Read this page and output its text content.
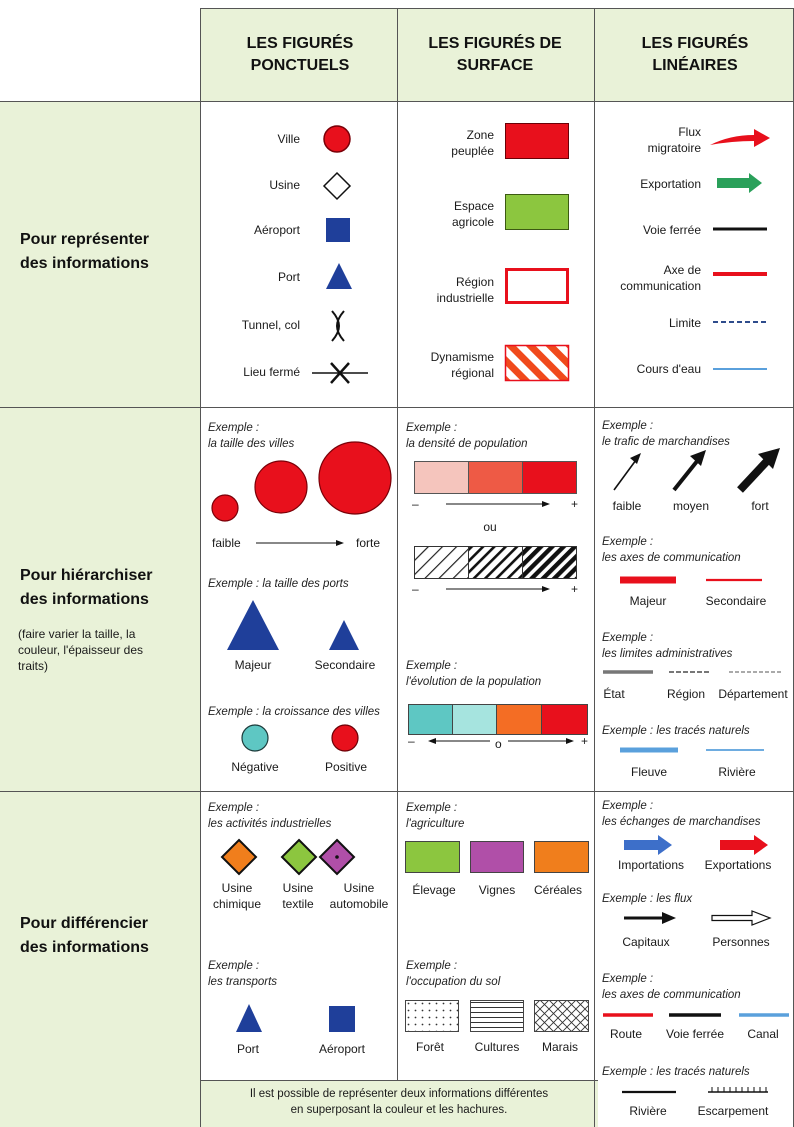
LES FIGURÉS PONCTUELS
LES FIGURÉS DE SURFACE
LES FIGURÉS LINÉAIRES
Pour représenter des informations
Pour hiérarchiser des informations
(faire varier la taille, la couleur, l'épaisseur des traits)
Pour différencier des informations
Ville
Usine
Aéroport
Port
Tunnel, col
Lieu fermé
Zone
peuplée
Espace
agricole
Région
industrielle
Dynamisme
régional
Flux
migratoire
Exportation
Voie ferrée
Axe de
communication
Limite
Cours d'eau
Exemple :
la taille des villes
faible	forte
Exemple : la taille des ports
Majeur	Secondaire
Exemple : la croissance des villes
Négative	Positive
Exemple :
la densité de population
–	+
ou
–	+
Exemple :
l'évolution de la population
–	o	+
Exemple :
le trafic de marchandises
faible	moyen	fort
Exemple :
les axes de communication
Majeur	Secondaire
Exemple :
les limites administratives
État	Région Département
Exemple : les tracés naturels
Fleuve	Rivière
Exemple :
les activités industrielles
Usine
chimique
Usine
textile
Usine
automobile
Exemple :
les transports
Port	Aéroport
Exemple :
l'agriculture
Élevage Vignes Céréales
Exemple :
l'occupation du sol
Forêt	Cultures Marais
Exemple :
les échanges de marchandises
Importations Exportations
Exemple : les flux
Capitaux	Personnes
Exemple :
les axes de communication
Route Voie ferrée Canal
Exemple : les tracés naturels
Rivière	Escarpement
Il est possible de représenter deux informations différentes
en superposant la couleur et les hachures.
